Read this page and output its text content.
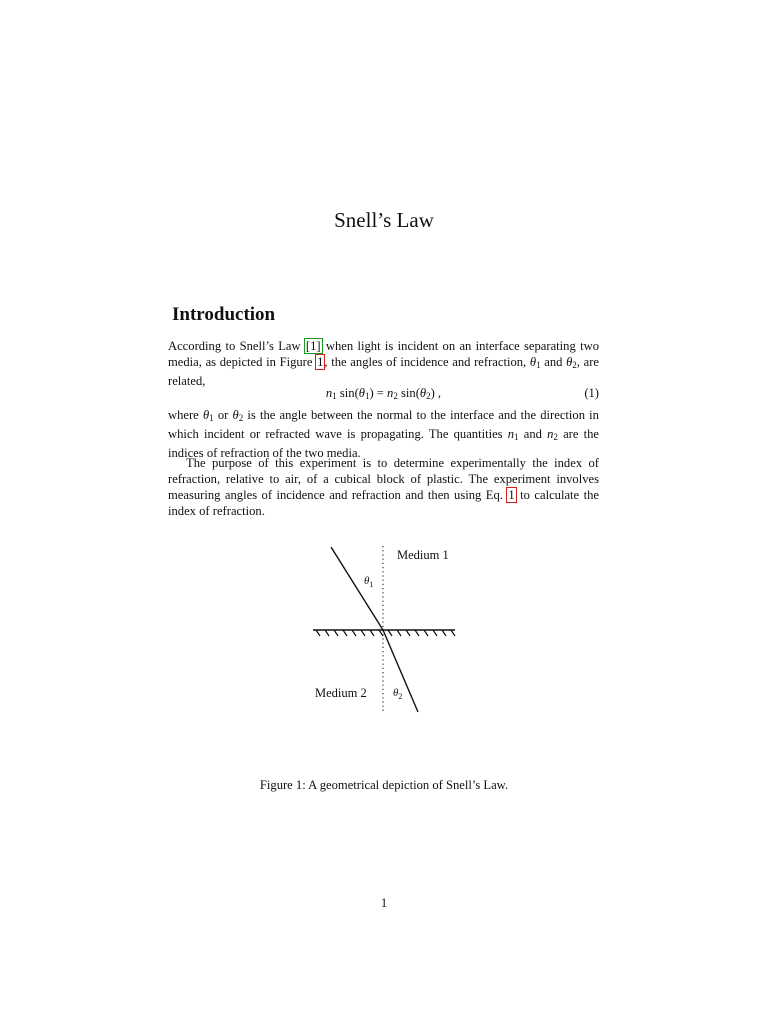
Snell’s Law
Introduction
According to Snell’s Law [1] when light is incident on an interface separating two media, as depicted in Figure 1, the angles of incidence and refraction, $\theta_1$ and $\theta_2$, are related,
$n_1$ $\sin(\theta_1) = n_2$ $\sin(\theta_2)$ ,	(1)
where $\theta_1$ or $\theta_2$ is the angle between the normal to the interface and the direction in which incident or refracted wave is propagating. The quantities $n_1$ and $n_2$ are the indices of refraction of the two media.
The purpose of this experiment is to determine experimentally the index of refraction, relative to air, of a cubical block of plastic. The experiment involves measuring angles of incidence and refraction and then using Eq. 1 to calculate the index of refraction.
Medium 1
Medium 2
$\theta_1$
$\theta_2$
Figure 1: A geometrical depiction of Snell’s Law.
1
